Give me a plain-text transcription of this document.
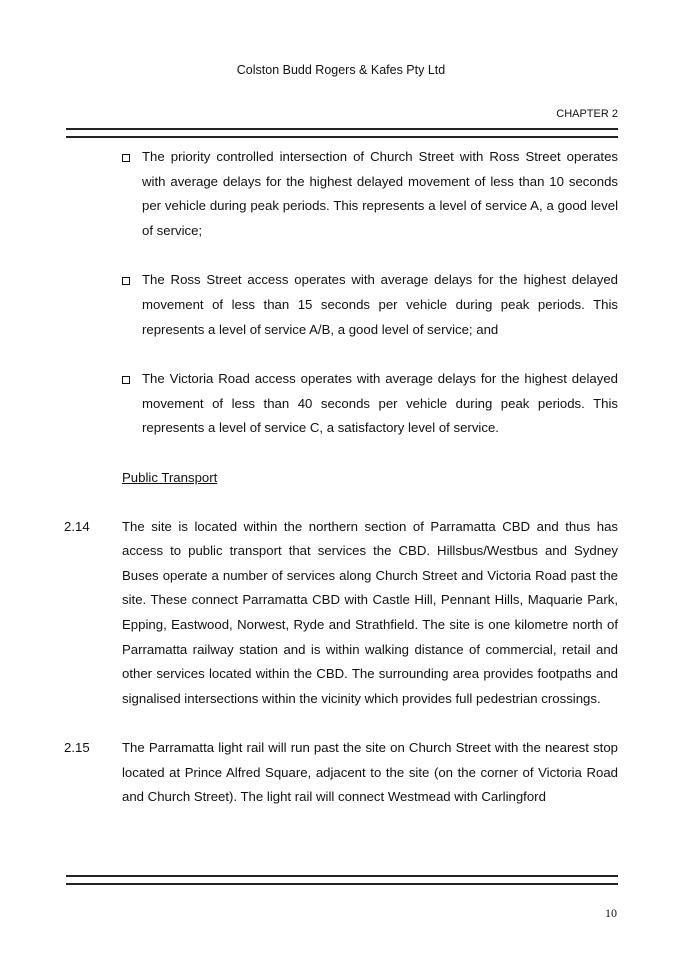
Colston Budd Rogers & Kafes Pty Ltd
CHAPTER 2
The priority controlled intersection of Church Street with Ross Street operates with average delays for the highest delayed movement of less than 10 seconds per vehicle during peak periods. This represents a level of service A, a good level of service;
The Ross Street access operates with average delays for the highest delayed movement of less than 15 seconds per vehicle during peak periods. This represents a level of service A/B, a good level of service; and
The Victoria Road access operates with average delays for the highest delayed movement of less than 40 seconds per vehicle during peak periods. This represents a level of service C, a satisfactory level of service.
Public Transport
2.14 The site is located within the northern section of Parramatta CBD and thus has access to public transport that services the CBD. Hillsbus/Westbus and Sydney Buses operate a number of services along Church Street and Victoria Road past the site. These connect Parramatta CBD with Castle Hill, Pennant Hills, Maquarie Park, Epping, Eastwood, Norwest, Ryde and Strathfield. The site is one kilometre north of Parramatta railway station and is within walking distance of commercial, retail and other services located within the CBD. The surrounding area provides footpaths and signalised intersections within the vicinity which provides full pedestrian crossings.
2.15 The Parramatta light rail will run past the site on Church Street with the nearest stop located at Prince Alfred Square, adjacent to the site (on the corner of Victoria Road and Church Street). The light rail will connect Westmead with Carlingford
10
